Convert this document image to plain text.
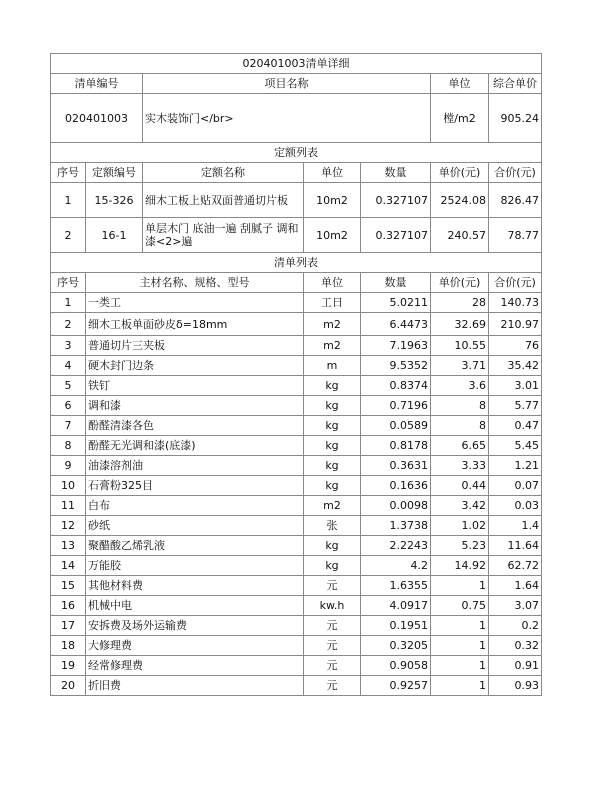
020401003清单详细						
清单编号		项目名称			单位	综合单价
020401003		实木装饰门</br>			樘/m2	905.24
定额列表						
序号	定额编号	定额名称	单位	数量	单价(元)	合价(元)
1	15-326	细木工板上贴双面普通切片板	10m2	0.327107	2524.08	826.47
2	16-1	单层木门 底油一遍 刮腻子 调和漆<2>遍	10m2	0.327107	240.57	78.77
清单列表						
序号	主材名称、规格、型号		单位	数量	单价(元)	合价(元)
1	一类工		工日	5.0211	28	140.73
2	细木工板单面砂皮δ=18mm		m2	6.4473	32.69	210.97
3	普通切片三夹板		m2	7.1963	10.55	76
4	硬木封门边条		m	9.5352	3.71	35.42
5	铁钉		kg	0.8374	3.6	3.01
6	调和漆		kg	0.7196	8	5.77
7	酚醛清漆各色		kg	0.0589	8	0.47
8	酚醛无光调和漆(底漆)		kg	0.8178	6.65	5.45
9	油漆溶剂油		kg	0.3631	3.33	1.21
10	石膏粉325目		kg	0.1636	0.44	0.07
11	白布		m2	0.0098	3.42	0.03
12	砂纸		张	1.3738	1.02	1.4
13	聚醋酸乙烯乳液		kg	2.2243	5.23	11.64
14	万能胶		kg	4.2	14.92	62.72
15	其他材料费		元	1.6355	1	1.64
16	机械中电		kw.h	4.0917	0.75	3.07
17	安拆费及场外运输费		元	0.1951	1	0.2
18	大修理费		元	0.3205	1	0.32
19	经常修理费		元	0.9058	1	0.91
20	折旧费		元	0.9257	1	0.93
